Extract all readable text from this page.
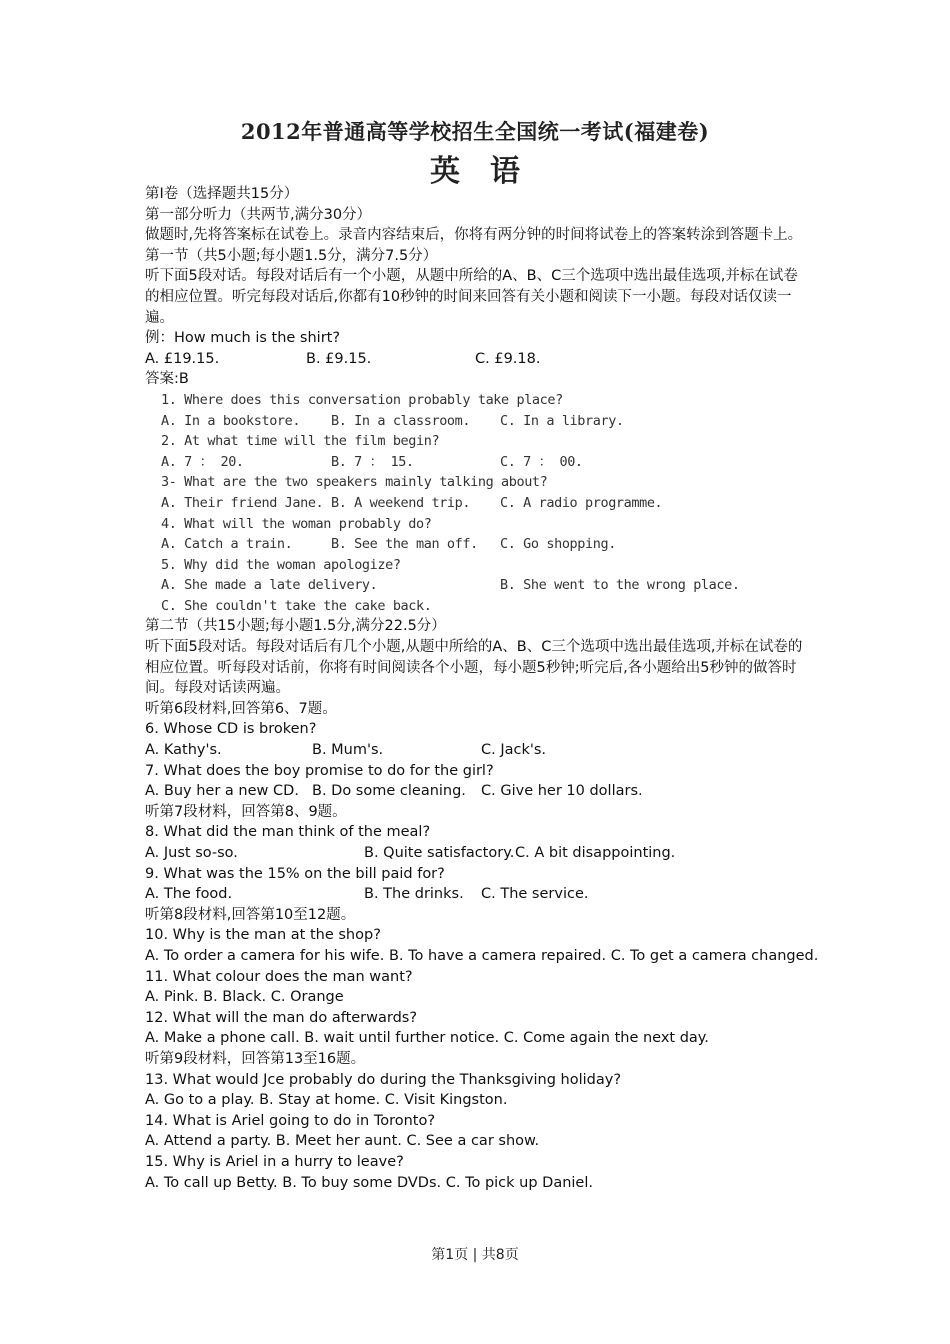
2012年普通高等学校招生全国统一考试(福建卷)
英语
第Ⅰ卷（选择题共15分）
第一部分听力（共两节,满分30分）
做题时,先将答案标在试卷上。录音内容结束后，你将有两分钟的时间将试卷上的答案转涂到答题卡上。
第一节（共5小题;每小题1.5分，满分7.5分）
听下面5段对话。每段对话后有一个小题，从题中所给的A、B、C三个选项中选出最佳选项,并标在试卷的相应位置。听完每段对话后,你都有10秒钟的时间来回答有关小题和阅读下一小题。每段对话仅读一遍。
例：How much is the shirt?
A. £19.15.	B. £9.15.	C. £9.18.
答案:B
1. Where does this conversation probably take place?
A. In a bookstore. B. In a classroom. C. In a library.
2. At what time will the film begin?
A. 7 ： 20.	B. 7 ： 15.	C. 7 ： 00.
3- What are the two speakers mainly talking about?
A. Their friend Jane. B. A weekend trip. C. A radio programme.
4. What will the woman probably do?
A. Catch a train.	B. See the man off. C. Go shopping.
5. Why did the woman apologize?
A. She made a late delivery.	B. She went to the wrong place.
C. She couldn't take the cake back.
第二节（共15小题;每小题1.5分,满分22.5分）
听下面5段对话。每段对话后有几个小题,从题中所给的A、B、C三个选项中选出最佳选项,并标在试卷的相应位置。听每段对话前，你将有时间阅读各个小题，每小题5秒钟;听完后,各小题给出5秒钟的做答时间。每段对话读两遍。
听第6段材料,回答第6、7题。
6. Whose CD is broken?
A. Kathy's.	B. Mum's.	C. Jack's.
7. What does the boy promise to do for the girl?
A. Buy her a new CD. B. Do some cleaning. C. Give her 10 dollars.
听第7段材料，回答第8、9题。
8. What did the man think of the meal?
A. Just so-so.	B. Quite satisfactory. C. A bit disappointing.
9. What was the 15% on the bill paid for?
A. The food.	B. The drinks. C. The service.
听第8段材料,回答第10至12题。
10. Why is the man at the shop?
A. To order a camera for his wife. B. To have a camera repaired. C. To get a camera changed.
11. What colour does the man want?
A. Pink. B. Black. C. Orange
12. What will the man do afterwards?
A. Make a phone call. B. wait until further notice. C. Come again the next day.
听第9段材料，回答第13至16题。
13. What would Jce probably do during the Thanksgiving holiday?
A. Go to a play. B. Stay at home. C. Visit Kingston.
14. What is Ariel going to do in Toronto?
A. Attend a party. B. Meet her aunt. C. See a car show.
15. Why is Ariel in a hurry to leave?
A. To call up Betty. B. To buy some DVDs. C. To pick up Daniel.
第1页 | 共8页
